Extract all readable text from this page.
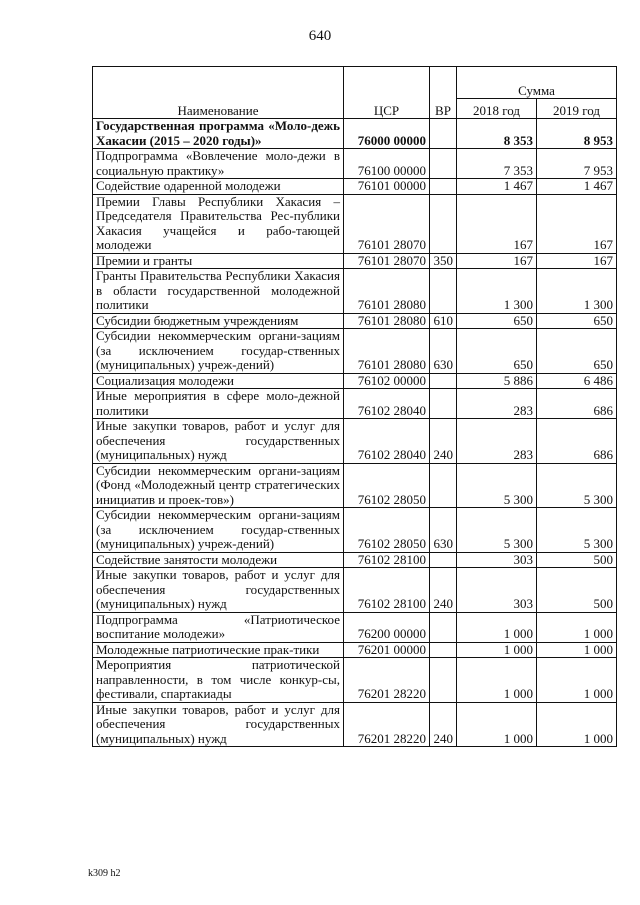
640
Наименование	ЦСР	ВР	Сумма	
			2018 год	2019 год
Государственная программа «Моло-дежь Хакасии (2015 – 2020 годы)»	76000 00000		8 353	8 953
Подпрограмма «Вовлечение моло-дежи в социальную практику»	76100 00000		7 353	7 953
Содействие одаренной молодежи	76101 00000		1 467	1 467
Премии Главы Республики Хакасия – Председателя Правительства Рес-публики Хакасия учащейся и рабо-тающей молодежи	76101 28070		167	167
Премии и гранты	76101 28070	350	167	167
Гранты Правительства Республики Хакасия в области государственной молодежной политики	76101 28080		1 300	1 300
Субсидии бюджетным учреждениям	76101 28080	610	650	650
Субсидии некоммерческим органи-зациям (за исключением государ-ственных (муниципальных) учреж-дений)	76101 28080	630	650	650
Социализация молодежи	76102 00000		5 886	6 486
Иные мероприятия в сфере моло-дежной политики	76102 28040		283	686
Иные закупки товаров, работ и услуг для обеспечения государственных (муниципальных) нужд	76102 28040	240	283	686
Субсидии некоммерческим органи-зациям (Фонд «Молодежный центр стратегических инициатив и проек-тов»)	76102 28050		5 300	5 300
Субсидии некоммерческим органи-зациям (за исключением государ-ственных (муниципальных) учреж-дений)	76102 28050	630	5 300	5 300
Содействие занятости молодежи	76102 28100		303	500
Иные закупки товаров, работ и услуг для обеспечения государственных (муниципальных) нужд	76102 28100	240	303	500
Подпрограмма «Патриотическое воспитание молодежи»	76200 00000		1 000	1 000
Молодежные патриотические прак-тики	76201 00000		1 000	1 000
Мероприятия патриотической направленности, в том числе конкур-сы, фестивали, спартакиады	76201 28220		1 000	1 000
Иные закупки товаров, работ и услуг для обеспечения государственных (муниципальных) нужд	76201 28220	240	1 000	1 000
k309 h2
